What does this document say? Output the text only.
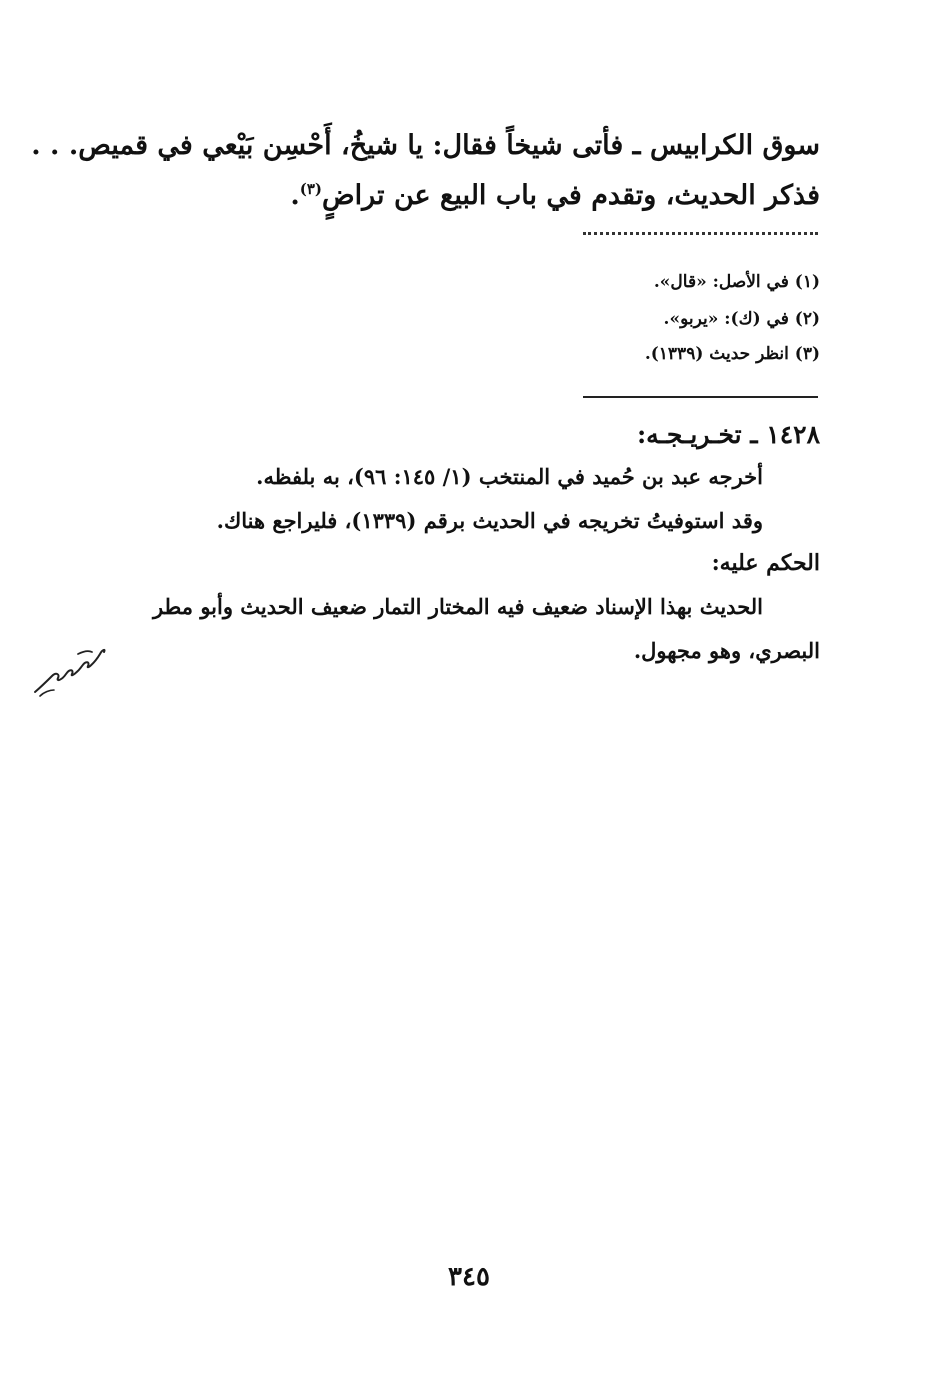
سوق الكرابيس ـ فأتى شيخاً فقال: يا شيخُ، أَحْسِن بَيْعي في قميص. . .
فذكر الحديث، وتقدم في باب البيع عن تراضٍ$^{(٣)}$.
(١) في الأصل: «قال».
(٢) في (ك): «يربو».
(٣) انظر حديث (١٣٣٩).
١٤٢٨ ـ تخـريـجـه:
أخرجه عبد بن حُميد في المنتخب (١/ ١٤٥: ٩٦)، به بلفظه.
وقد استوفيتُ تخريجه في الحديث برقم (١٣٣٩)، فليراجع هناك.
الحكم عليه:
الحديث بهذا الإسناد ضعيف فيه المختار التمار ضعيف الحديث وأبو مطر
البصري، وهو مجهول.
٣٤٥
